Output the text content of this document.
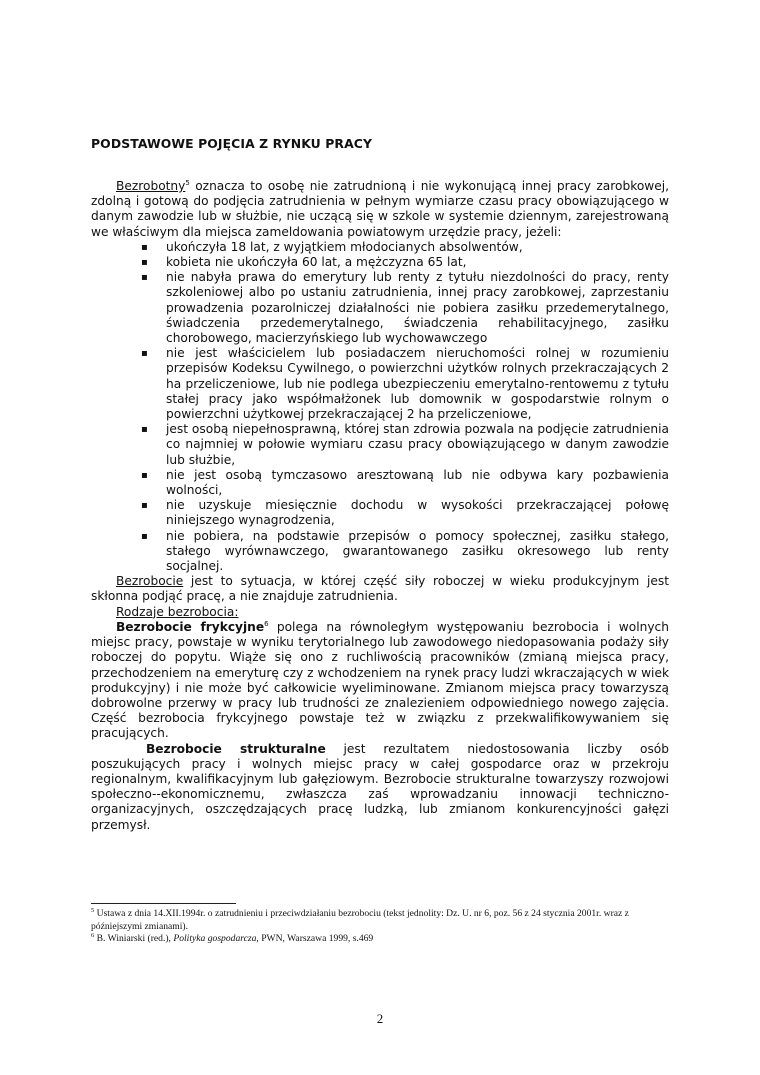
PODSTAWOWE POJĘCIA Z RYNKU PRACY

Bezrobotny$^5$ oznacza to osobę nie zatrudnioną i nie wykonującą innej pracy zarobkowej, zdolną i gotową do podjęcia zatrudnienia w pełnym wymiarze czasu pracy obowiązującego w danym zawodzie lub w służbie, nie uczącą się w szkole w systemie dziennym, zarejestrowaną we właściwym dla miejsca zameldowania powiatowym urzędzie pracy, jeżeli:

▪ ukończyła 18 lat, z wyjątkiem młodocianych absolwentów,
▪ kobieta nie ukończyła 60 lat, a mężczyzna 65 lat,
▪ nie nabyła prawa do emerytury lub renty z tytułu niezdolności do pracy, renty szkoleniowej albo po ustaniu zatrudnienia, innej pracy zarobkowej, zaprzestaniu prowadzenia pozarolniczej działalności nie pobiera zasiłku przedemerytalnego, świadczenia przedemerytalnego, świadczenia rehabilitacyjnego, zasiłku chorobowego, macierzyńskiego lub wychowawczego
▪ nie jest właścicielem lub posiadaczem nieruchomości rolnej w rozumieniu przepisów Kodeksu Cywilnego, o powierzchni użytków rolnych przekraczających 2 ha przeliczeniowe, lub nie podlega ubezpieczeniu emerytalno-rentowemu z tytułu stałej pracy jako współmałżonek lub domownik w gospodarstwie rolnym o powierzchni użytkowej przekraczającej 2 ha przeliczeniowe,
▪ jest osobą niepełnosprawną, której stan zdrowia pozwala na podjęcie zatrudnienia co najmniej w połowie wymiaru czasu pracy obowiązującego w danym zawodzie lub służbie,
▪ nie jest osobą tymczasowo aresztowaną lub nie odbywa kary pozbawienia wolności,
▪ nie uzyskuje miesięcznie dochodu w wysokości przekraczającej połowę niniejszego wynagrodzenia,
▪ nie pobiera, na podstawie przepisów o pomocy społecznej, zasiłku stałego, stałego wyrównawczego, gwarantowanego zasiłku okresowego lub renty socjalnej.

Bezrobocie jest to sytuacja, w której część siły roboczej w wieku produkcyjnym jest skłonna podjąć pracę, a nie znajduje zatrudnienia.

Rodzaje bezrobocia:

Bezrobocie frykcyjne$^6$ polega na równoległym występowaniu bezrobocia i wolnych miejsc pracy, powstaje w wyniku terytorialnego lub zawodowego niedopasowania podaży siły roboczej do popytu. Wiąże się ono z ruchliwością pracowników (zmianą miejsca pracy, przechodzeniem na emeryturę czy z wchodzeniem na rynek pracy ludzi wkraczających w wiek produkcyjny) i nie może być całkowicie wyeliminowane. Zmianom miejsca pracy towarzyszą dobrowolne przerwy w pracy lub trudności ze znalezieniem odpowiedniego nowego zajęcia. Część bezrobocia frykcyjnego powstaje też w związku z przekwalifikowywaniem się pracujących.

Bezrobocie strukturalne jest rezultatem niedostosowania liczby osób poszukujących pracy i wolnych miejsc pracy w całej gospodarce oraz w przekroju regionalnym, kwalifikacyjnym lub gałęziowym. Bezrobocie strukturalne towarzyszy rozwojowi społeczno--ekonomicznemu, zwłaszcza zaś wprowadzaniu innowacji techniczno-organizacyjnych, oszczędzających pracę ludzką, lub zmianom konkurencyjności gałęzi przemysł.

$^5$ Ustawa z dnia 14.XII.1994r. o zatrudnieniu i przeciwdziałaniu bezrobociu (tekst jednolity: Dz. U. nr 6, poz. 56 z 24 stycznia 2001r. wraz z późniejszymi zmianami).

$^6$ B. Winiarski (red.), Polityka gospodarcza, PWN, Warszawa 1999, s.469

2
